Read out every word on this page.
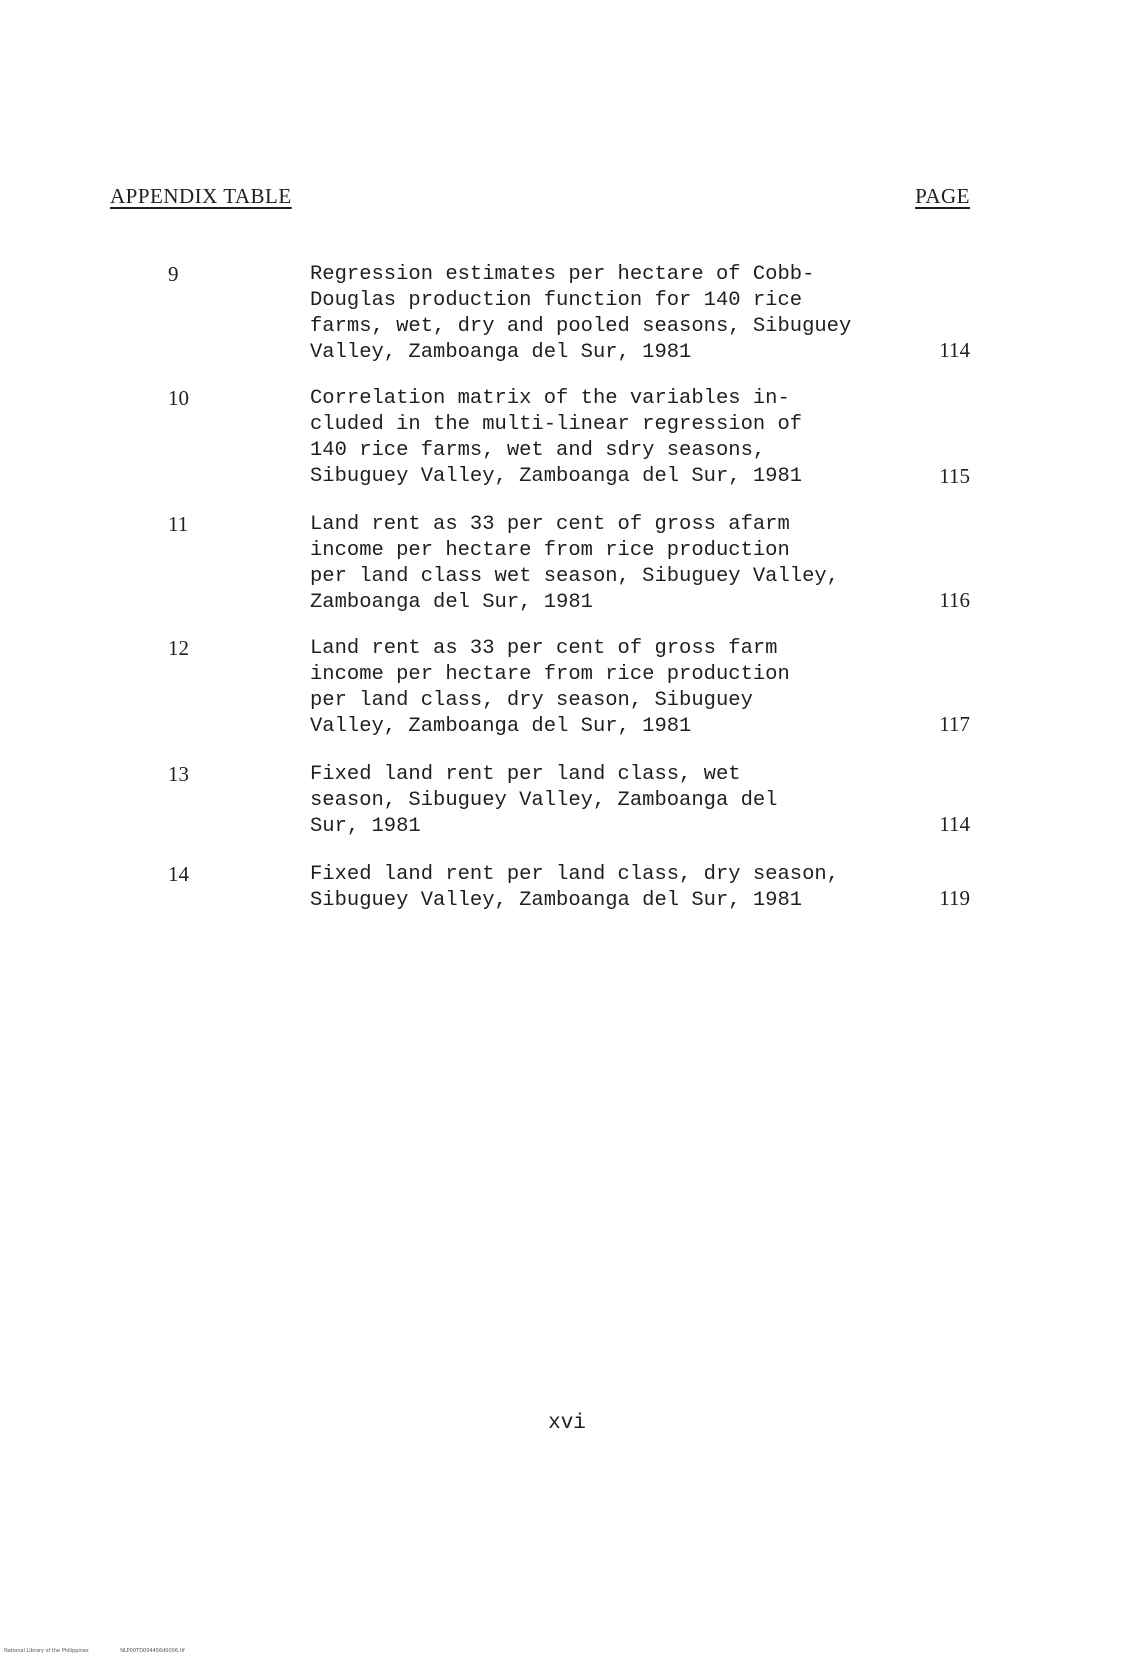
APPENDIX TABLE	PAGE
9	Regression estimates per hectare of Cobb-
Douglas production function for 140 rice
farms, wet, dry and pooled seasons, Sibuguey
Valley, Zamboanga del Sur, 1981	114
10	Correlation matrix of the variables in-
cluded in the multi-linear regression of
140 rice farms, wet and sdry seasons,
Sibuguey Valley, Zamboanga del Sur, 1981	115
11	Land rent as 33 per cent of gross afarm
income per hectare from rice production
per land class wet season, Sibuguey Valley,
Zamboanga del Sur, 1981	116
12	Land rent as 33 per cent of gross farm
income per hectare from rice production
per land class, dry season, Sibuguey
Valley, Zamboanga del Sur, 1981	117
13	Fixed land rent per land class, wet
season, Sibuguey Valley, Zamboanga del
Sur, 1981	114
14	Fixed land rent per land class, dry season,
Sibuguey Valley, Zamboanga del Sur, 1981	119
xvi
National Library of the Philippines	NLP00TD004456d0006.tif
